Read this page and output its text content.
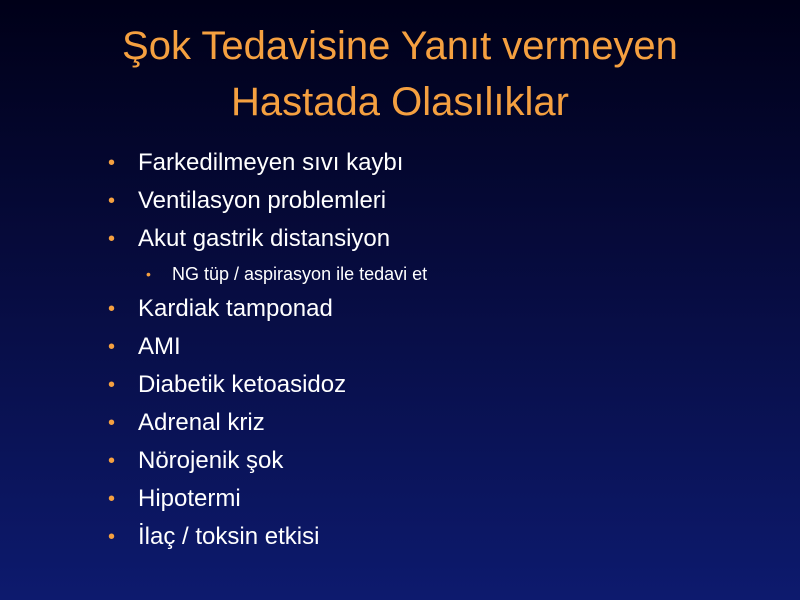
Şok Tedavisine Yanıt vermeyen
Hastada Olasılıklar
• Farkedilmeyen sıvı kaybı
• Ventilasyon problemleri
• Akut gastrik distansiyon
• NG tüp / aspirasyon ile tedavi et
• Kardiak tamponad
• AMI
• Diabetik ketoasidoz
• Adrenal kriz
• Nörojenik şok
• Hipotermi
• İlaç / toksin etkisi
